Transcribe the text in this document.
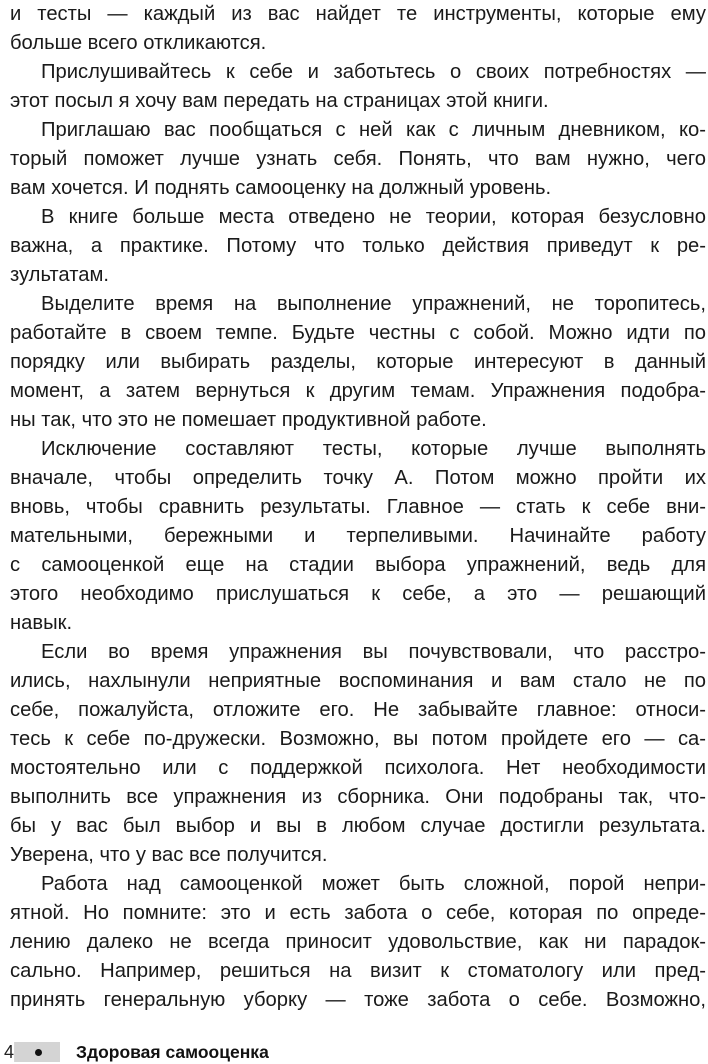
и тесты — каждый из вас найдет те инструменты, которые ему
больше всего откликаются.
Прислушивайтесь к себе и заботьтесь о своих потребностях —
этот посыл я хочу вам передать на страницах этой книги.
Приглашаю вас пообщаться с ней как с личным дневником, ко-
торый поможет лучше узнать себя. Понять, что вам нужно, чего
вам хочется. И поднять самооценку на должный уровень.
В книге больше места отведено не теории, которая безусловно
важна, а практике. Потому что только действия приведут к ре-
зультатам.
Выделите время на выполнение упражнений, не торопитесь,
работайте в своем темпе. Будьте честны с собой. Можно идти по
порядку или выбирать разделы, которые интересуют в данный
момент, а затем вернуться к другим темам. Упражнения подобра-
ны так, что это не помешает продуктивной работе.
Исключение составляют тесты, которые лучше выполнять
вначале, чтобы определить точку А. Потом можно пройти их
вновь, чтобы сравнить результаты. Главное — стать к себе вни-
мательными, бережными и терпеливыми. Начинайте работу
с самооценкой еще на стадии выбора упражнений, ведь для
этого необходимо прислушаться к себе, а это — решающий
навык.
Если во время упражнения вы почувствовали, что расстро-
ились, нахлынули неприятные воспоминания и вам стало не по
себе, пожалуйста, отложите его. Не забывайте главное: относи-
тесь к себе по-дружески. Возможно, вы потом пройдете его — са-
мостоятельно или с поддержкой психолога. Нет необходимости
выполнить все упражнения из сборника. Они подобраны так, что-
бы у вас был выбор и вы в любом случае достигли результата.
Уверена, что у вас все получится.
Работа над самооценкой может быть сложной, порой непри-
ятной. Но помните: это и есть забота о себе, которая по опреде-
лению далеко не всегда приносит удовольствие, как ни парадок-
сально. Например, решиться на визит к стоматологу или пред-
принять генеральную уборку — тоже забота о себе. Возможно,
4	Здоровая самооценка
